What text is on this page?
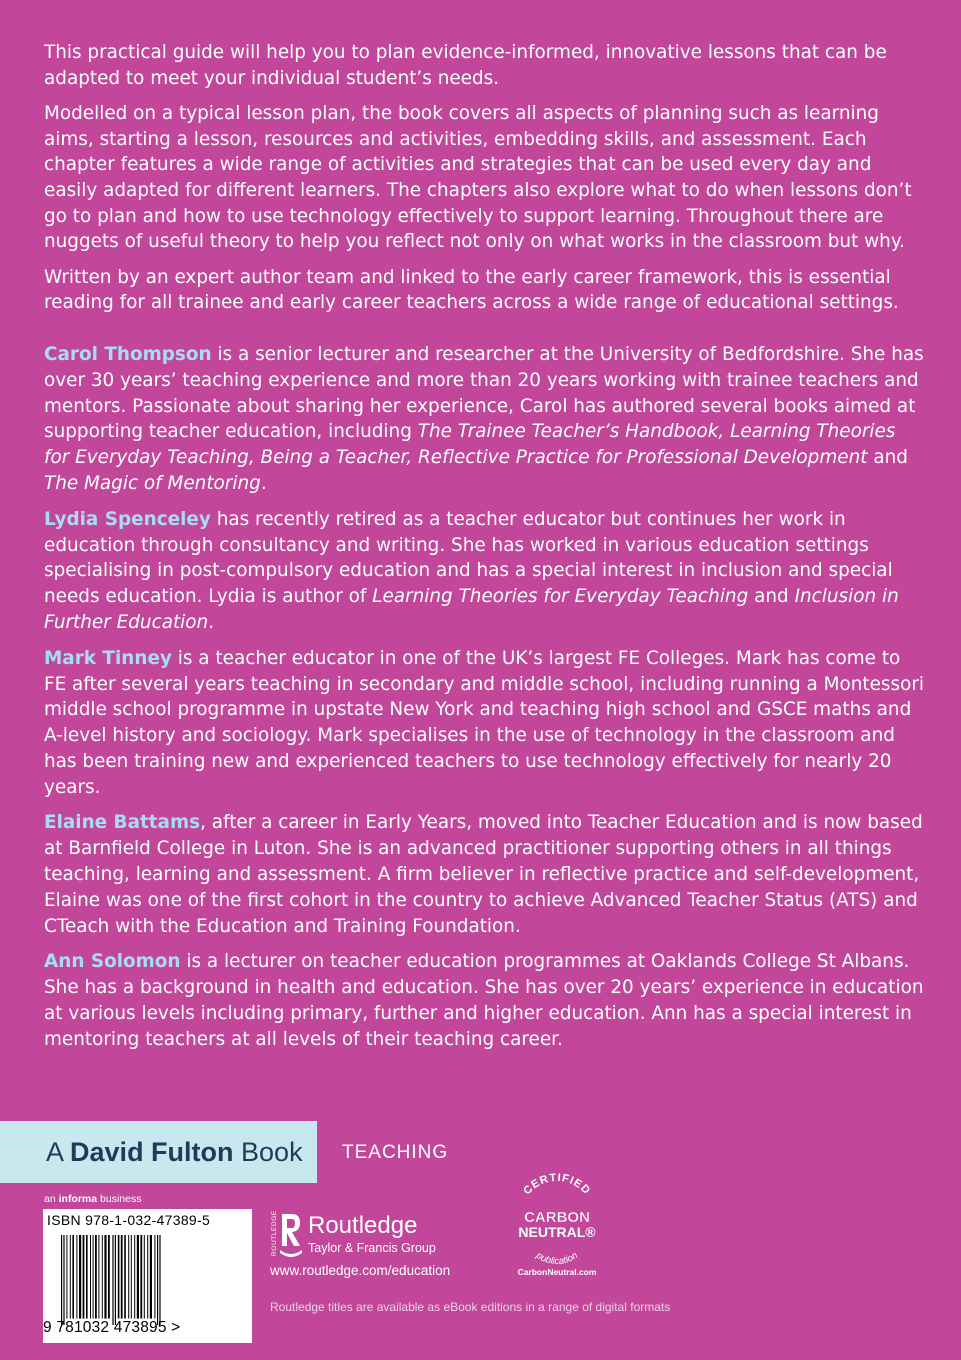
This practical guide will help you to plan evidence-informed, innovative lessons that can be adapted to meet your individual student’s needs.

Modelled on a typical lesson plan, the book covers all aspects of planning such as learning aims, starting a lesson, resources and activities, embedding skills, and assessment. Each chapter features a wide range of activities and strategies that can be used every day and easily adapted for different learners. The chapters also explore what to do when lessons don’t go to plan and how to use technology effectively to support learning. Throughout there are nuggets of useful theory to help you reflect not only on what works in the classroom but why.

Written by an expert author team and linked to the early career framework, this is essential reading for all trainee and early career teachers across a wide range of educational settings.

Carol Thompson is a senior lecturer and researcher at the University of Bedfordshire. She has over 30 years’ teaching experience and more than 20 years working with trainee teachers and mentors. Passionate about sharing her experience, Carol has authored several books aimed at supporting teacher education, including The Trainee Teacher’s Handbook, Learning Theories for Everyday Teaching, Being a Teacher, Reflective Practice for Professional Development and The Magic of Mentoring.

Lydia Spenceley has recently retired as a teacher educator but continues her work in education through consultancy and writing. She has worked in various education settings specialising in post-compulsory education and has a special interest in inclusion and special needs education. Lydia is author of Learning Theories for Everyday Teaching and Inclusion in Further Education.

Mark Tinney is a teacher educator in one of the UK’s largest FE Colleges. Mark has come to FE after several years teaching in secondary and middle school, including running a Montessori middle school programme in upstate New York and teaching high school and GSCE maths and A-level history and sociology. Mark specialises in the use of technology in the classroom and has been training new and experienced teachers to use technology effectively for nearly 20 years.

Elaine Battams, after a career in Early Years, moved into Teacher Education and is now based at Barnfield College in Luton. She is an advanced practitioner supporting others in all things teaching, learning and assessment. A firm believer in reflective practice and self-development, Elaine was one of the first cohort in the country to achieve Advanced Teacher Status (ATS) and CTeach with the Education and Training Foundation.

Ann Solomon is a lecturer on teacher education programmes at Oaklands College St Albans. She has a background in health and education. She has over 20 years’ experience in education at various levels including primary, further and higher education. Ann has a special interest in mentoring teachers at all levels of their teaching career.

A David Fulton Book TEACHING
an informa business
ISBN 978-1-032-47389-5
9 781032 473895 >
ROUTLEDGE Routledge
Taylor & Francis Group
www.routledge.com/education
Routledge titles are available as eBook editions in a range of digital formats
CERTIFIED
CARBON
NEUTRAL®
publication
CarbonNeutral.com
